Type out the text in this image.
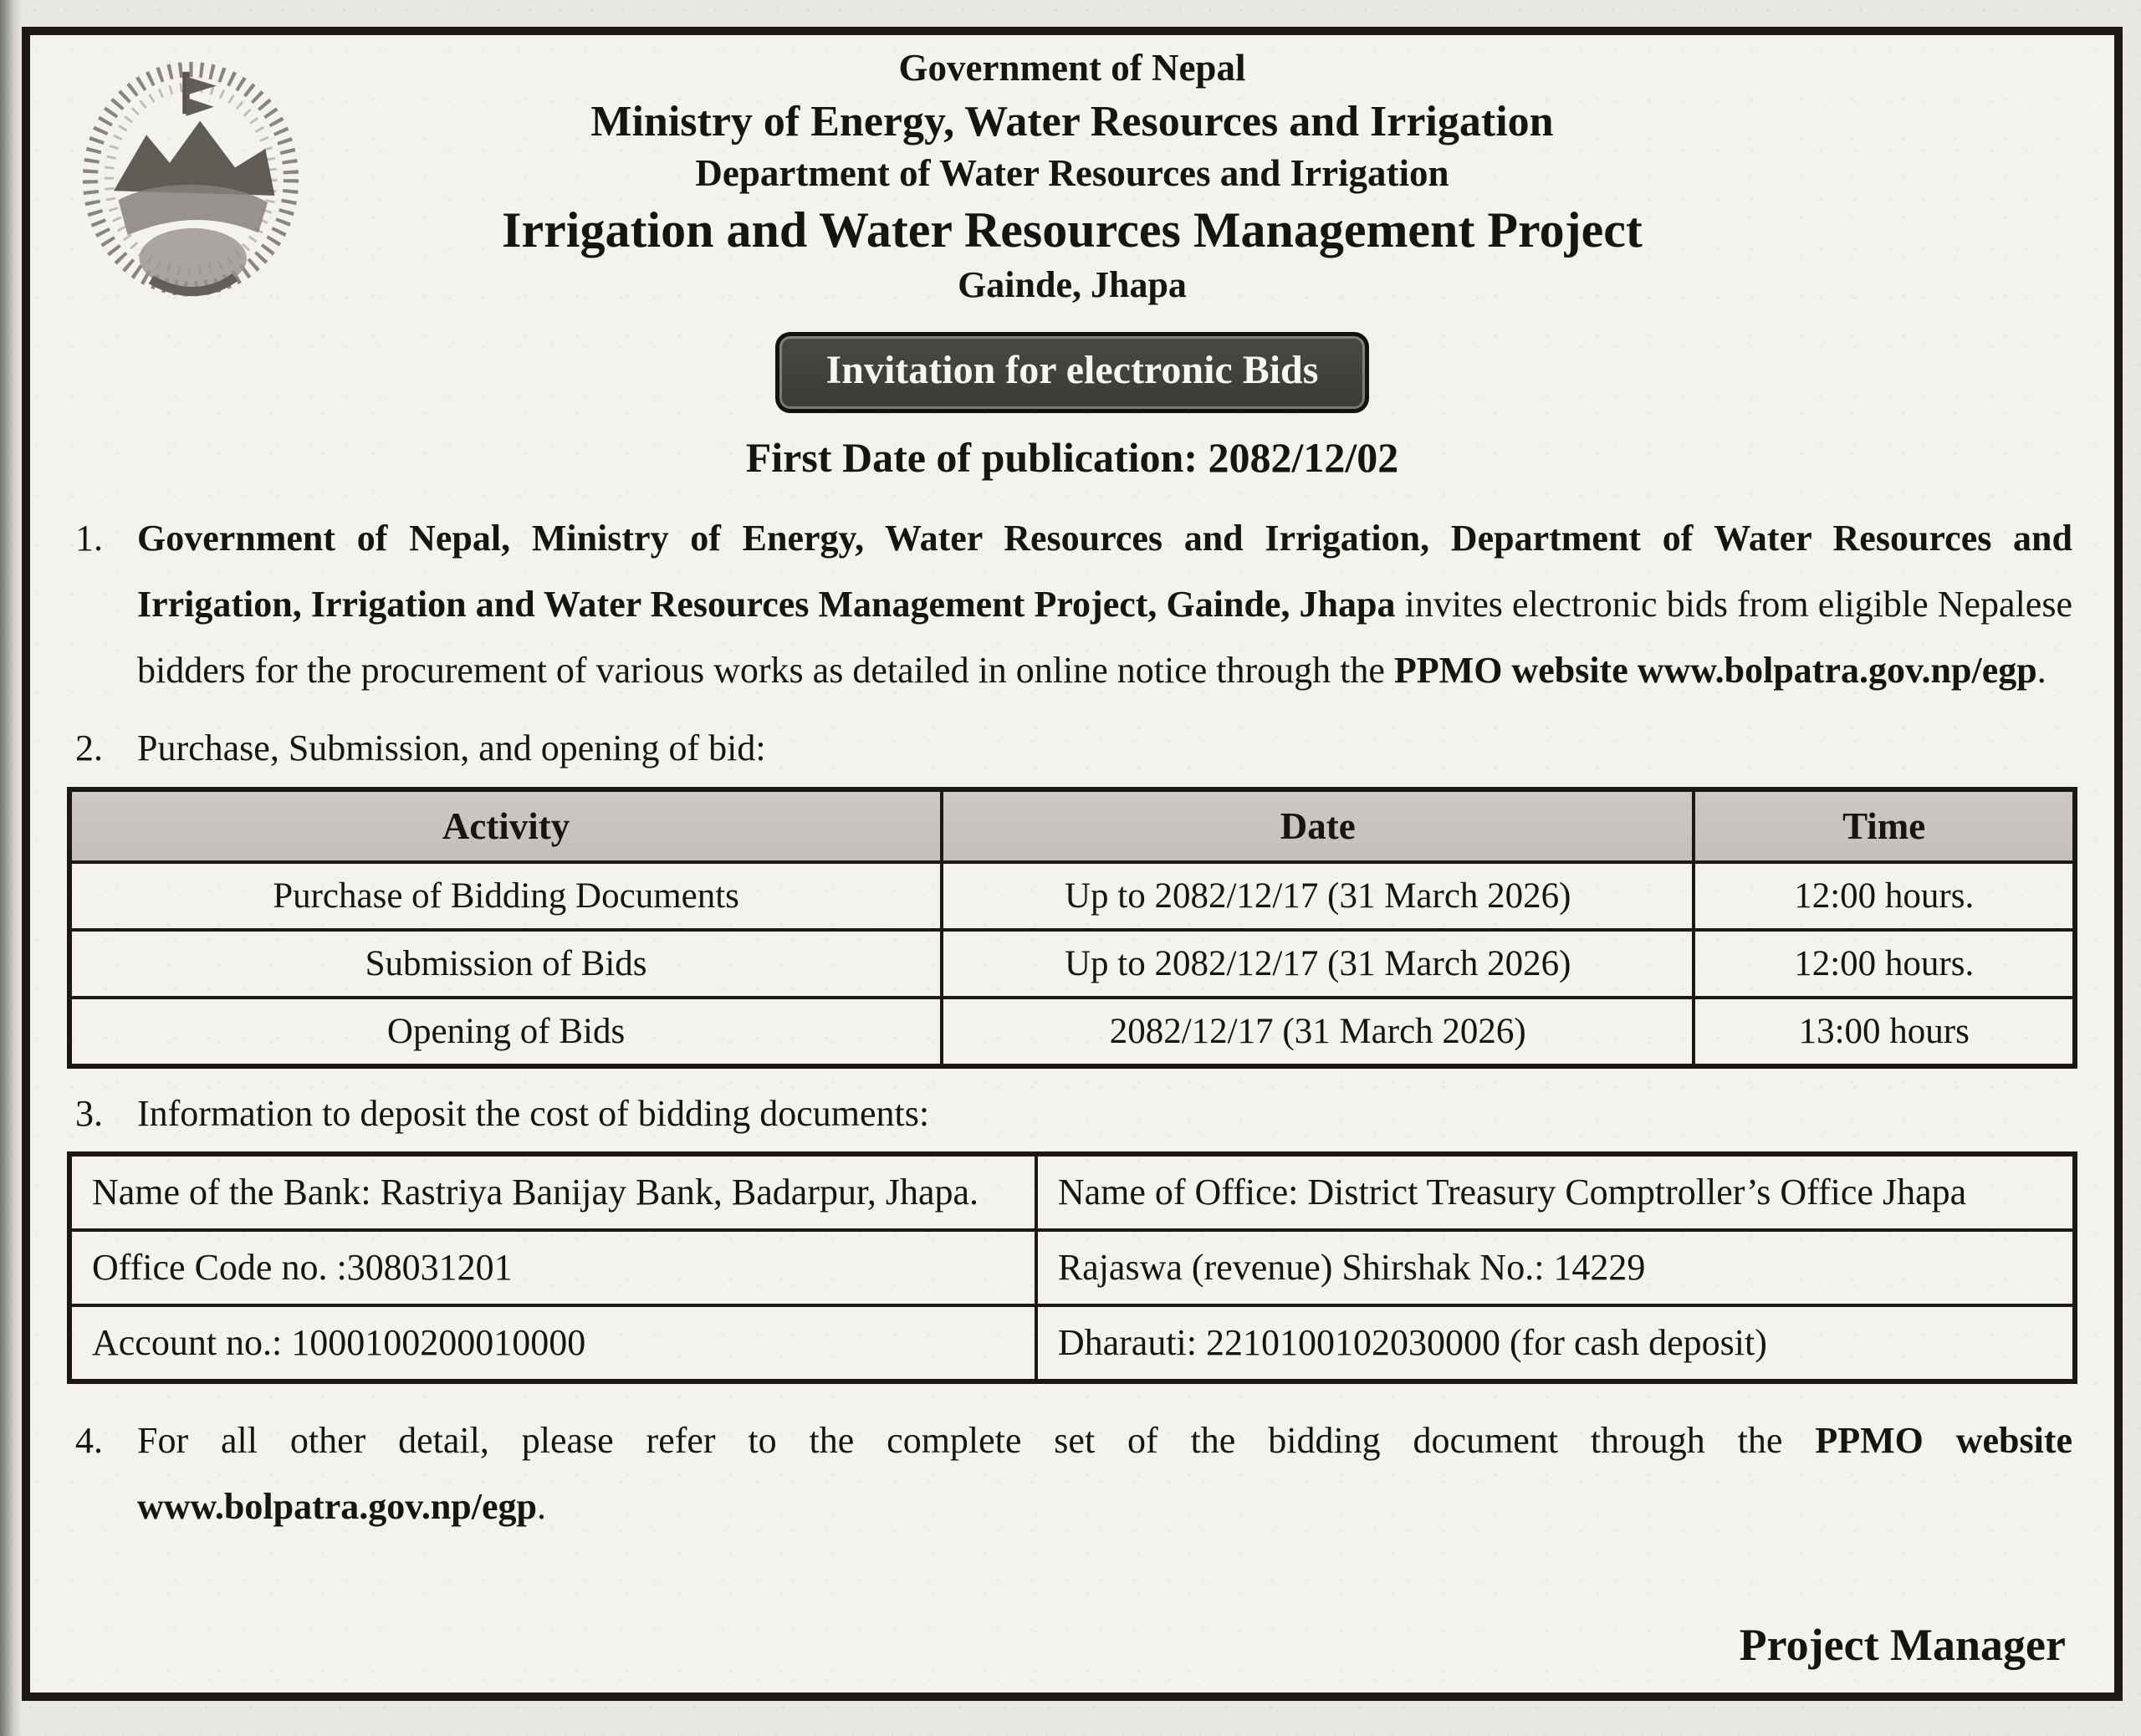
Government of Nepal
Ministry of Energy, Water Resources and Irrigation
Department of Water Resources and Irrigation
Irrigation and Water Resources Management Project
Gainde, Jhapa
Invitation for electronic Bids
First Date of publication: 2082/12/02
1. Government of Nepal, Ministry of Energy, Water Resources and Irrigation, Department of Water Resources and Irrigation, Irrigation and Water Resources Management Project, Gainde, Jhapa invites electronic bids from eligible Nepalese bidders for the procurement of various works as detailed in online notice through the PPMO website www.bolpatra.gov.np/egp.
2. Purchase, Submission, and opening of bid:
Activity	Date	Time
Purchase of Bidding Documents	Up to 2082/12/17 (31 March 2026)	12:00 hours.
Submission of Bids	Up to 2082/12/17 (31 March 2026)	12:00 hours.
Opening of Bids	2082/12/17 (31 March 2026)	13:00 hours
3. Information to deposit the cost of bidding documents:
Name of the Bank: Rastriya Banijay Bank, Badarpur, Jhapa.	Name of Office: District Treasury Comptroller’s Office Jhapa
Office Code no. :308031201	Rajaswa (revenue) Shirshak No.: 14229
Account no.: 1000100200010000	Dharauti: 2210100102030000 (for cash deposit)
4. For all other detail, please refer to the complete set of the bidding document through the PPMO website www.bolpatra.gov.np/egp.
Project Manager
